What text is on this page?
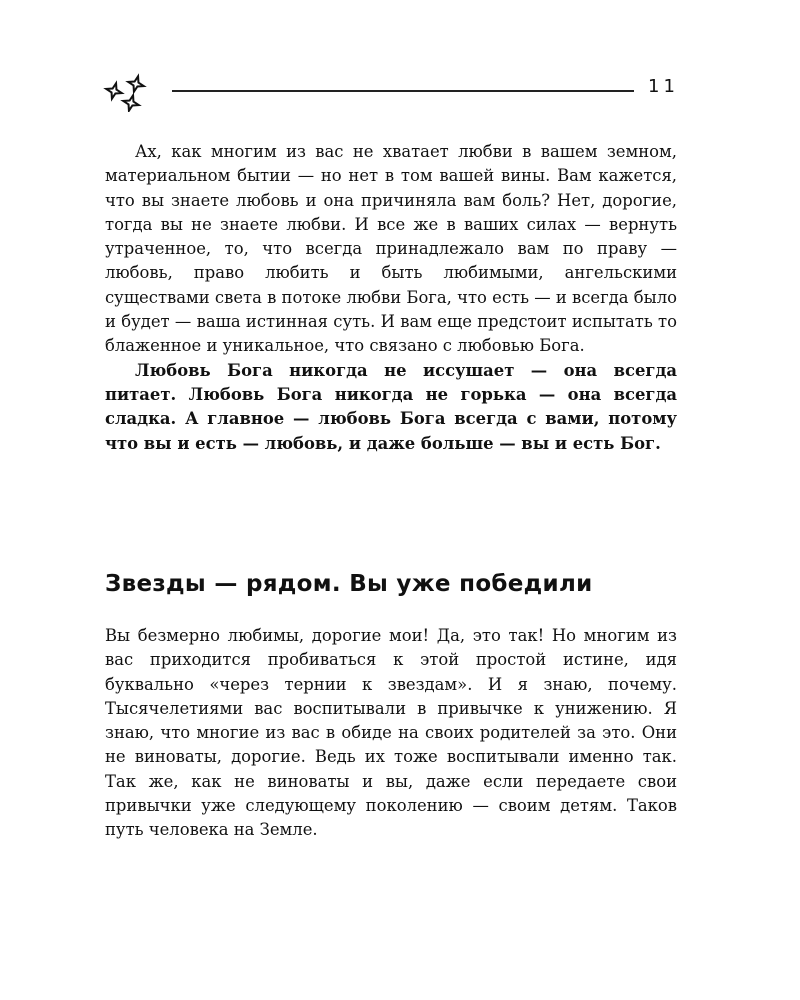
11

Ах, как многим из вас не хватает любви в вашем земном, материальном бытии — но нет в том вашей вины. Вам кажется, что вы знаете любовь и она причиняла вам боль? Нет, дорогие, тогда вы не знаете любви. И все же в ваших силах — вернуть утраченное, то, что всегда принадлежало вам по праву — любовь, право любить и быть любимыми, ангельскими существами света в потоке любви Бога, что есть — и всегда было и будет — ваша истинная суть. И вам еще предстоит испытать то блаженное и уникальное, что связано с любовью Бога.

Любовь Бога никогда не иссушает — она всегда питает. Любовь Бога никогда не горька — она всегда сладка. А главное — любовь Бога всегда с вами, потому что вы и есть — любовь, и даже больше — вы и есть Бог.

Звезды — рядом. Вы уже победили

Вы безмерно любимы, дорогие мои! Да, это так! Но многим из вас приходится пробиваться к этой простой истине, идя буквально «через тернии к звездам». И я знаю, почему. Тысячелетиями вас воспитывали в привычке к унижению. Я знаю, что многие из вас в обиде на своих родителей за это. Они не виноваты, дорогие. Ведь их тоже воспитывали именно так. Так же, как не виноваты и вы, даже если передаете свои привычки уже следующему поколению — своим детям. Таков путь человека на Земле.
